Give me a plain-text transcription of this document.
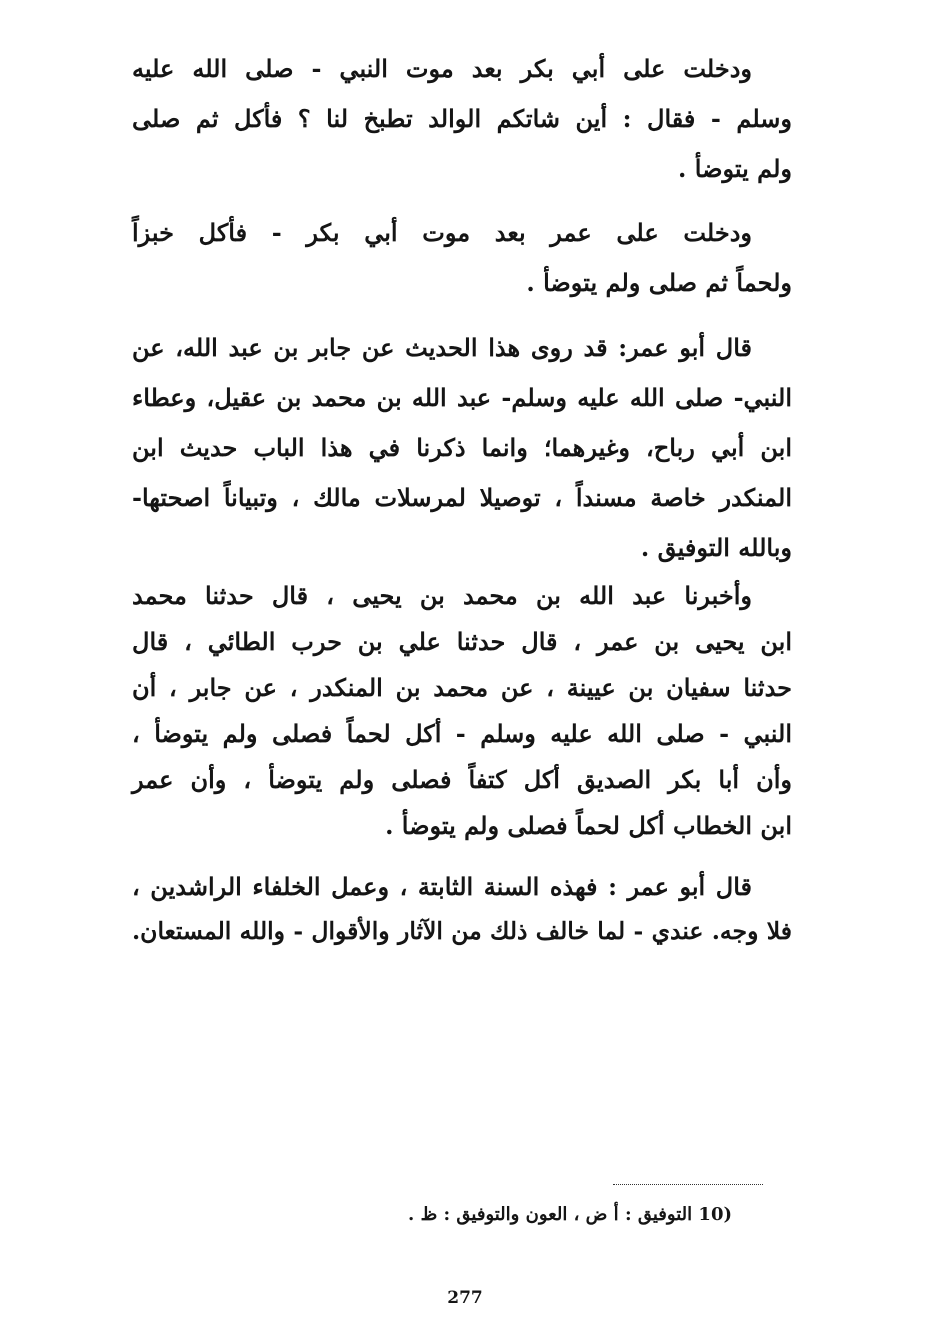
ودخلت على أبي بكر بعد موت النبي - صلى الله عليه
وسلم - فقال : أين شاتكم الوالد تطبخ لنا ؟ فأكل ثم صلى
ولم يتوضأ .
ودخلت على عمر بعد موت أبي بكر - فأكل خبزاً
ولحماً ثم صلى ولم يتوضأ .
قال أبو عمر: قد روى هذا الحديث عن جابر بن عبد الله، عن
النبي- صلى الله عليه وسلم- عبد الله بن محمد بن عقيل، وعطاء
ابن أبي رباح، وغيرهما؛ وانما ذكرنا في هذا الباب حديث ابن
المنكدر خاصة مسنداً ، توصيلا لمرسلات مالك ، وتبياناً اصحتها-
وبالله التوفيق .
وأخبرنا عبد الله بن محمد بن يحيى ، قال حدثنا محمد
ابن يحيى بن عمر ، قال حدثنا علي بن حرب الطائي ، قال
حدثنا سفيان بن عيينة ، عن محمد بن المنكدر ، عن جابر ، أن
النبي - صلى الله عليه وسلم - أكل لحماً فصلى ولم يتوضأ ،
وأن أبا بكر الصديق أكل كتفاً فصلى ولم يتوضأ ، وأن عمر
ابن الخطاب أكل لحماً فصلى ولم يتوضأ .
قال أبو عمر : فهذه السنة الثابتة ، وعمل الخلفاء الراشدين ،
فلا وجه. عندي - لما خالف ذلك من الآثار والأقوال - والله المستعان.
10) التوفيق : أ ض ، العون والتوفيق : ظ .
277
